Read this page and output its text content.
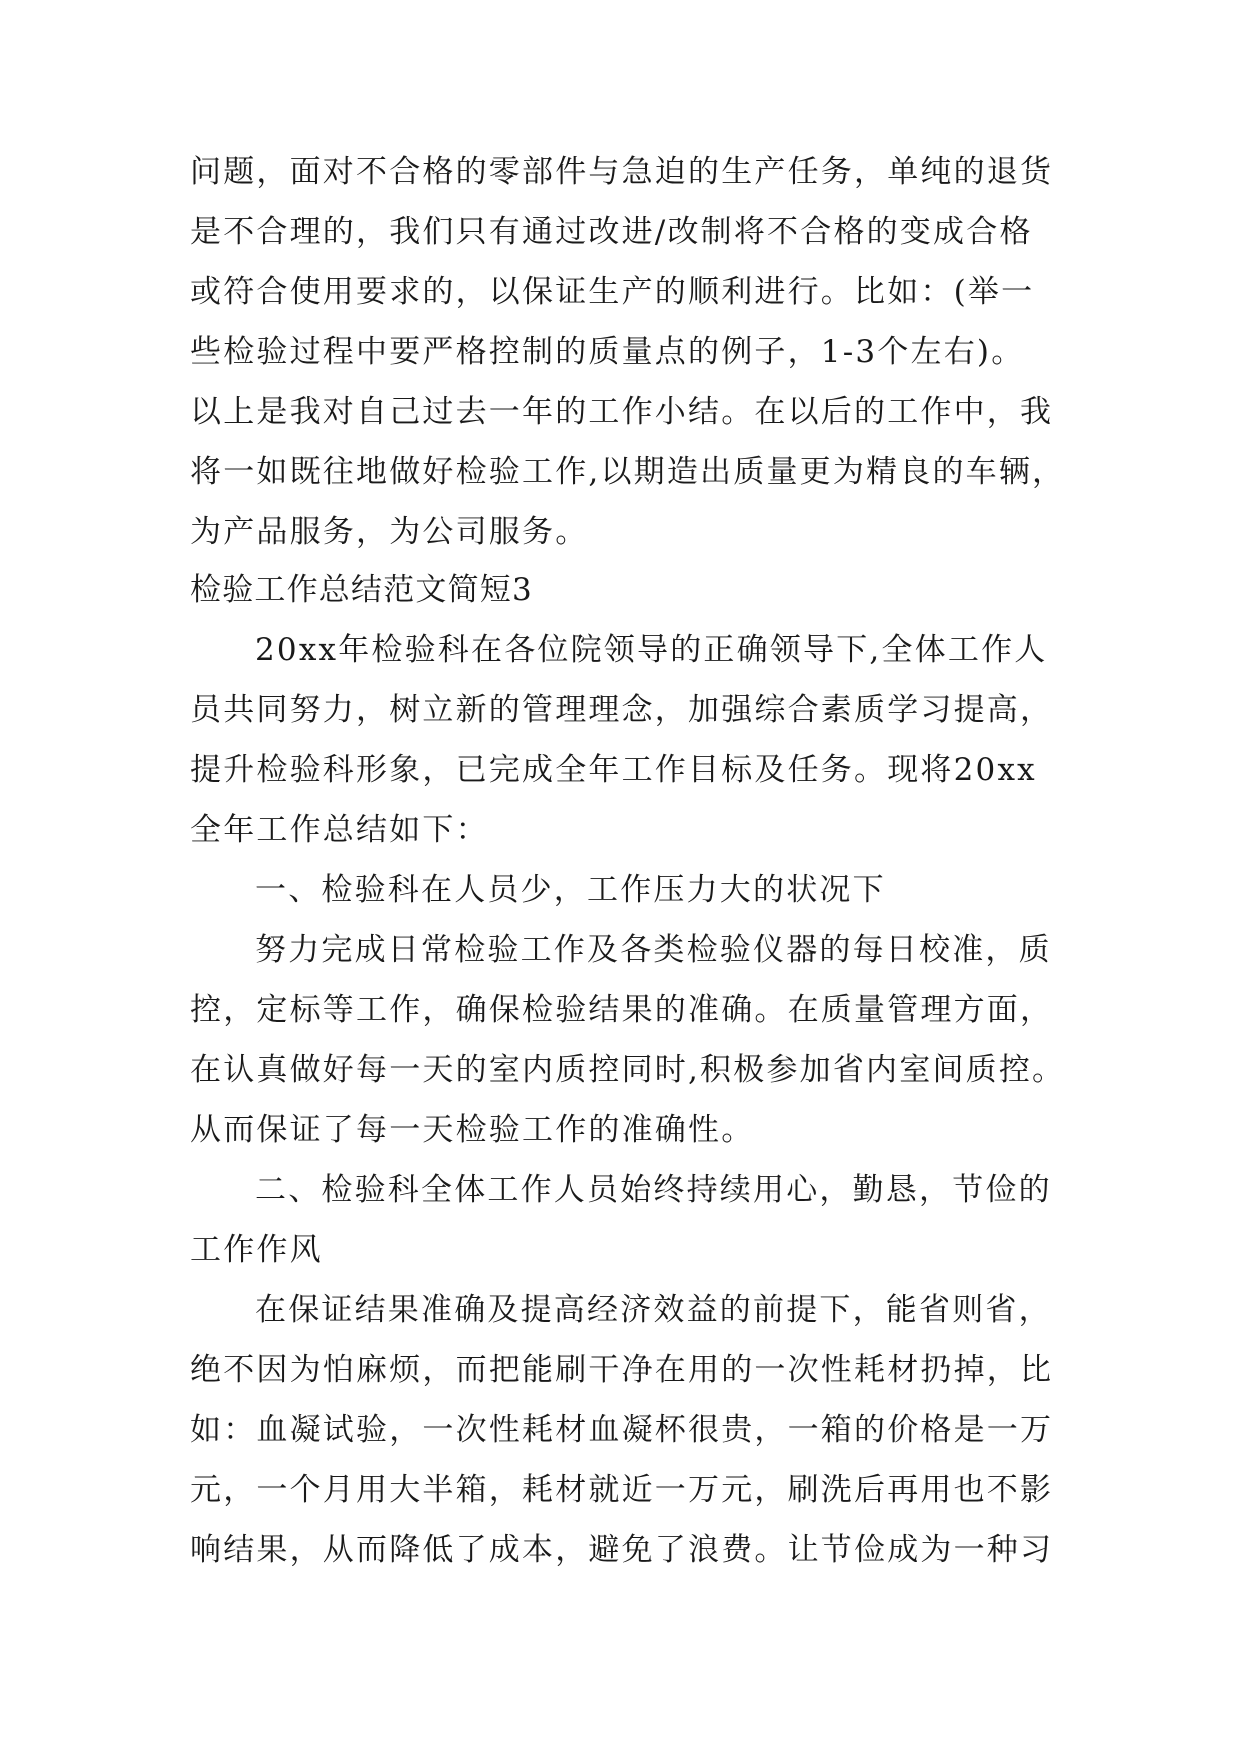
问题，面对不合格的零部件与急迫的生产任务，单纯的退货
是不合理的，我们只有通过改进/改制将不合格的变成合格
或符合使用要求的，以保证生产的顺利进行。比如：(举一
些检验过程中要严格控制的质量点的例子，1-3个左右)。
以上是我对自己过去一年的工作小结。在以后的工作中，我
将一如既往地做好检验工作,以期造出质量更为精良的车辆，
为产品服务，为公司服务。
检验工作总结范文简短3
20xx年检验科在各位院领导的正确领导下,全体工作人
员共同努力，树立新的管理理念，加强综合素质学习提高，
提升检验科形象，已完成全年工作目标及任务。现将20xx
全年工作总结如下：
一、检验科在人员少，工作压力大的状况下
努力完成日常检验工作及各类检验仪器的每日校准，质
控，定标等工作，确保检验结果的准确。在质量管理方面，
在认真做好每一天的室内质控同时,积极参加省内室间质控。
从而保证了每一天检验工作的准确性。
二、检验科全体工作人员始终持续用心，勤恳，节俭的
工作作风
在保证结果准确及提高经济效益的前提下，能省则省，
绝不因为怕麻烦，而把能刷干净在用的一次性耗材扔掉，比
如：血凝试验，一次性耗材血凝杯很贵，一箱的价格是一万
元，一个月用大半箱，耗材就近一万元，刷洗后再用也不影
响结果，从而降低了成本，避免了浪费。让节俭成为一种习
